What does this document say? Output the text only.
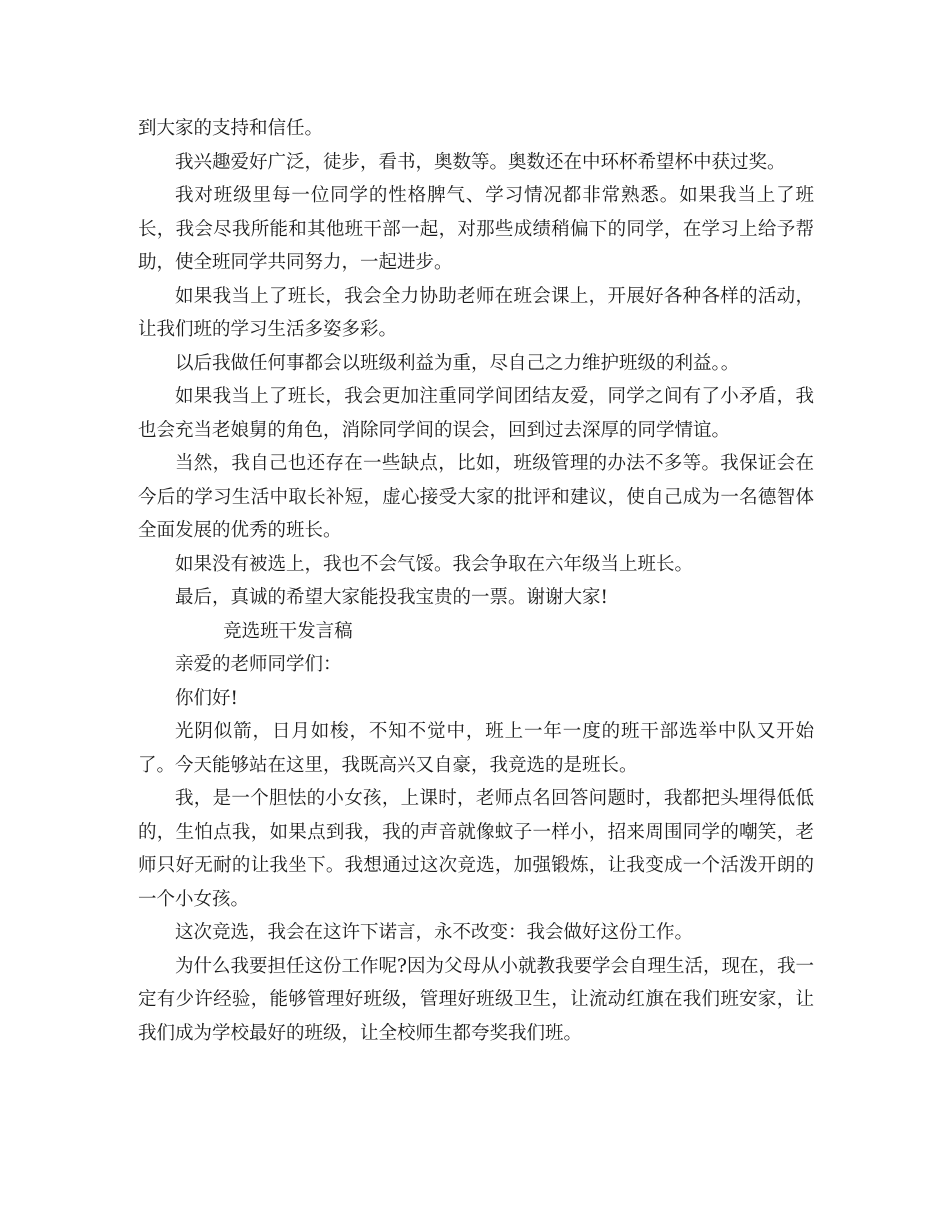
到大家的支持和信任。

我兴趣爱好广泛，徒步，看书，奥数等。奥数还在中环杯希望杯中获过奖。

我对班级里每一位同学的性格脾气、学习情况都非常熟悉。如果我当上了班长，我会尽我所能和其他班干部一起，对那些成绩稍偏下的同学，在学习上给予帮助，使全班同学共同努力，一起进步。

如果我当上了班长，我会全力协助老师在班会课上，开展好各种各样的活动，让我们班的学习生活多姿多彩。

以后我做任何事都会以班级利益为重，尽自己之力维护班级的利益。。

如果我当上了班长，我会更加注重同学间团结友爱，同学之间有了小矛盾，我也会充当老娘舅的角色，消除同学间的误会，回到过去深厚的同学情谊。

当然，我自己也还存在一些缺点，比如，班级管理的办法不多等。我保证会在今后的学习生活中取长补短，虚心接受大家的批评和建议，使自己成为一名德智体全面发展的优秀的班长。

如果没有被选上，我也不会气馁。我会争取在六年级当上班长。

最后，真诚的希望大家能投我宝贵的一票。谢谢大家!

竞选班干发言稿

亲爱的老师同学们：

你们好!

光阴似箭，日月如梭，不知不觉中，班上一年一度的班干部选举中队又开始了。今天能够站在这里，我既高兴又自豪，我竞选的是班长。

我，是一个胆怯的小女孩，上课时，老师点名回答问题时，我都把头埋得低低的，生怕点我，如果点到我，我的声音就像蚊子一样小，招来周围同学的嘲笑，老师只好无耐的让我坐下。我想通过这次竞选，加强锻炼，让我变成一个活泼开朗的一个小女孩。

这次竞选，我会在这许下诺言，永不改变：我会做好这份工作。

为什么我要担任这份工作呢?因为父母从小就教我要学会自理生活，现在，我一定有少许经验，能够管理好班级，管理好班级卫生，让流动红旗在我们班安家，让我们成为学校最好的班级，让全校师生都夸奖我们班。
